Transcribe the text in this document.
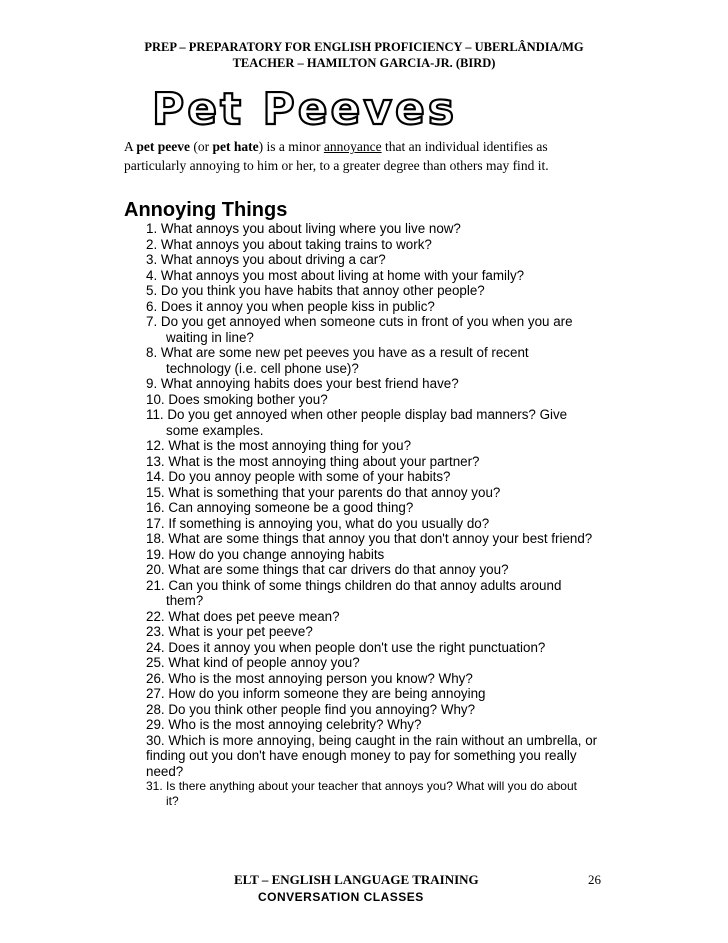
PREP – PREPARATORY FOR ENGLISH PROFICIENCY – UBERLÂNDIA/MG
TEACHER – HAMILTON GARCIA-JR. (BIRD)
Pet Peeves
A pet peeve (or pet hate) is a minor annoyance that an individual identifies as particularly annoying to him or her, to a greater degree than others may find it.
Annoying Things
1. What annoys you about living where you live now?
2. What annoys you about taking trains to work?
3. What annoys you about driving a car?
4. What annoys you most about living at home with your family?
5. Do you think you have habits that annoy other people?
6. Does it annoy you when people kiss in public?
7. Do you get annoyed when someone cuts in front of you when you are
waiting in line?
8. What are some new pet peeves you have as a result of recent
technology (i.e. cell phone use)?
9. What annoying habits does your best friend have?
10. Does smoking bother you?
11. Do you get annoyed when other people display bad manners? Give
some examples.
12. What is the most annoying thing for you?
13. What is the most annoying thing about your partner?
14. Do you annoy people with some of your habits?
15. What is something that your parents do that annoy you?
16. Can annoying someone be a good thing?
17. If something is annoying you, what do you usually do?
18. What are some things that annoy you that don't annoy your best friend?
19. How do you change annoying habits
20. What are some things that car drivers do that annoy you?
21. Can you think of some things children do that annoy adults around
them?
22. What does pet peeve mean?
23. What is your pet peeve?
24. Does it annoy you when people don't use the right punctuation?
25. What kind of people annoy you?
26. Who is the most annoying person you know? Why?
27. How do you inform someone they are being annoying
28. Do you think other people find you annoying? Why?
29. Who is the most annoying celebrity? Why?
30. Which is more annoying, being caught in the rain without an umbrella, or finding out you don't have enough money to pay for something you really need?
31. Is there anything about your teacher that annoys you? What will you do about
it?
ELT – ENGLISH LANGUAGE TRAINING
CONVERSATION CLASSES
26
